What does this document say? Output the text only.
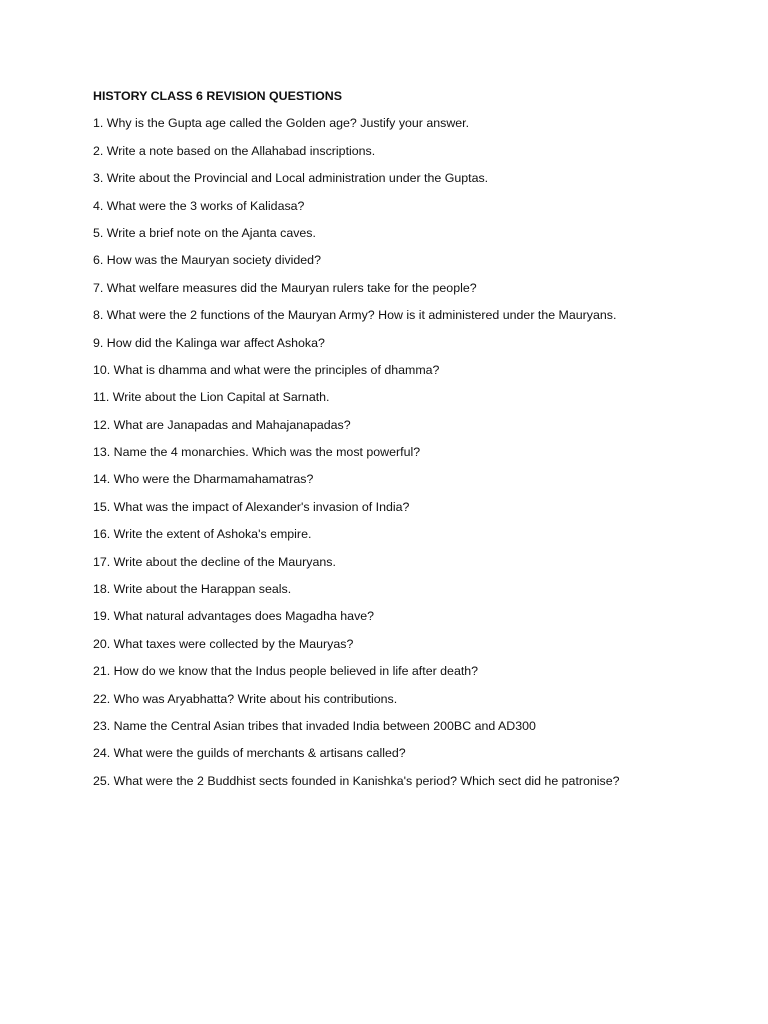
HISTORY CLASS 6 REVISION QUESTIONS
1. Why is the Gupta age called the Golden age? Justify your answer.
2. Write a note based on the Allahabad inscriptions.
3. Write about the Provincial and Local administration under the Guptas.
4. What were the 3 works of Kalidasa?
5. Write a brief note on the Ajanta caves.
6. How was the Mauryan society divided?
7. What welfare measures did the Mauryan rulers take for the people?
8. What were the 2 functions of the Mauryan Army? How is it administered under the Mauryans.
9. How did the Kalinga war affect Ashoka?
10. What is dhamma and what were the principles of dhamma?
11. Write about the Lion Capital at Sarnath.
12. What are Janapadas and Mahajanapadas?
13. Name the 4 monarchies. Which was the most powerful?
14. Who were the Dharmamahamatras?
15. What was the impact of Alexander's invasion of India?
16. Write the extent of Ashoka's empire.
17. Write about the decline of the Mauryans.
18. Write about the Harappan seals.
19. What natural advantages does Magadha have?
20. What taxes were collected by the Mauryas?
21. How do we know that the Indus people believed in life after death?
22. Who was Aryabhatta? Write about his contributions.
23. Name the Central Asian tribes that invaded India between 200BC and AD300
24. What were the guilds of merchants & artisans called?
25. What were the 2 Buddhist sects founded in Kanishka's period? Which sect did he patronise?
